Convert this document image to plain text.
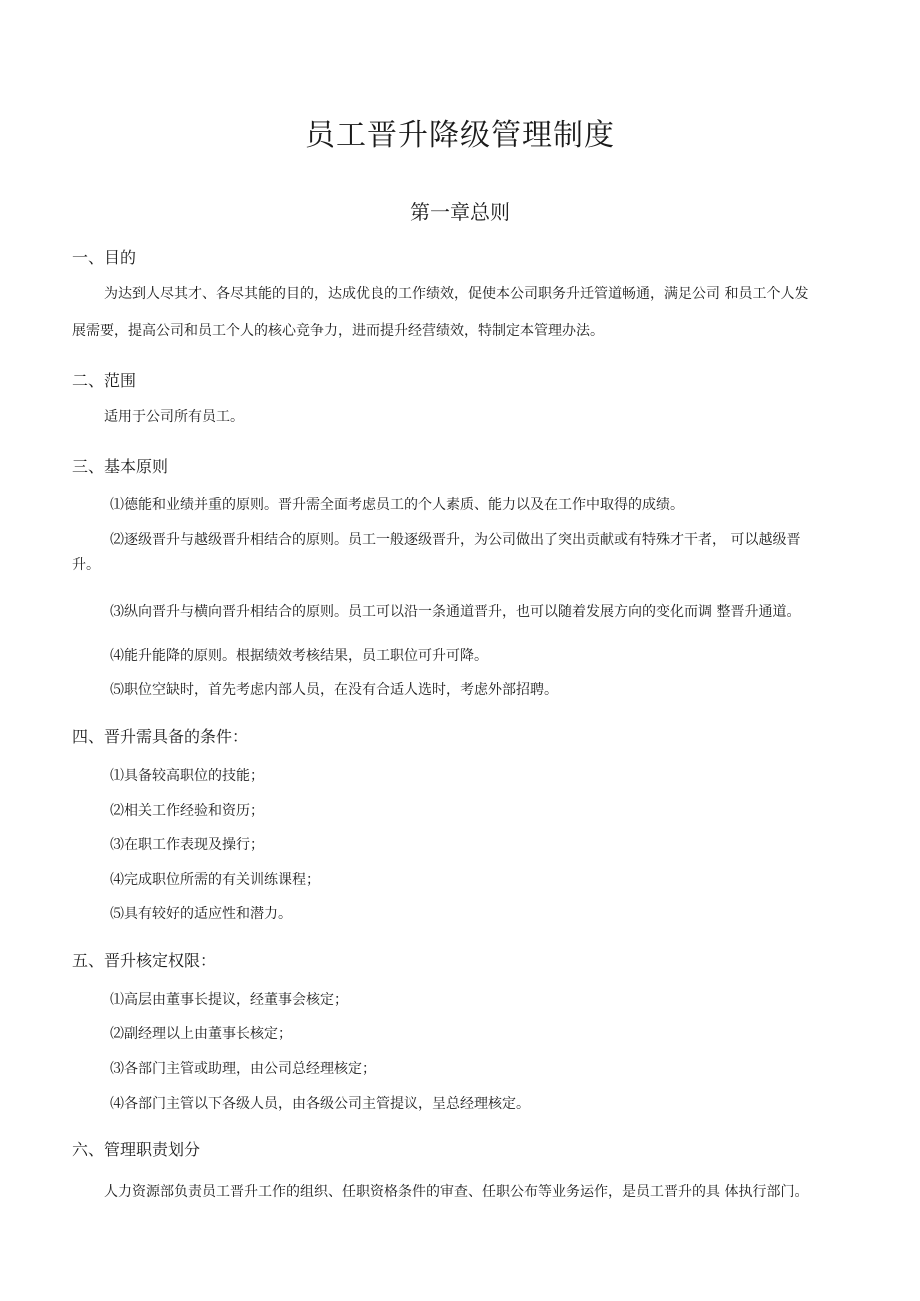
员工晋升降级管理制度
第一章总则
一、目的
为达到人尽其才、各尽其能的目的，达成优良的工作绩效，促使本公司职务升迁管道畅通，满足公司 和员工个人发
展需要，提高公司和员工个人的核心竞争力，进而提升经营绩效，特制定本管理办法。
二、范围
适用于公司所有员工。
三、基本原则
⑴德能和业绩并重的原则。晋升需全面考虑员工的个人素质、能力以及在工作中取得的成绩。
⑵逐级晋升与越级晋升相结合的原则。员工一般逐级晋升，为公司做出了突出贡献或有特殊才干者， 可以越级晋
升。
⑶纵向晋升与横向晋升相结合的原则。员工可以沿一条通道晋升，也可以随着发展方向的变化而调 整晋升通道。
⑷能升能降的原则。根据绩效考核结果，员工职位可升可降。
⑸职位空缺时，首先考虑内部人员，在没有合适人选时，考虑外部招聘。
四、晋升需具备的条件：
⑴具备较高职位的技能；
⑵相关工作经验和资历；
⑶在职工作表现及操行；
⑷完成职位所需的有关训练课程；
⑸具有较好的适应性和潜力。
五、晋升核定权限：
⑴高层由董事长提议，经董事会核定；
⑵副经理以上由董事长核定；
⑶各部门主管或助理，由公司总经理核定；
⑷各部门主管以下各级人员，由各级公司主管提议，呈总经理核定。
六、管理职责划分
人力资源部负责员工晋升工作的组织、任职资格条件的审查、任职公布等业务运作，是员工晋升的具 体执行部门。
